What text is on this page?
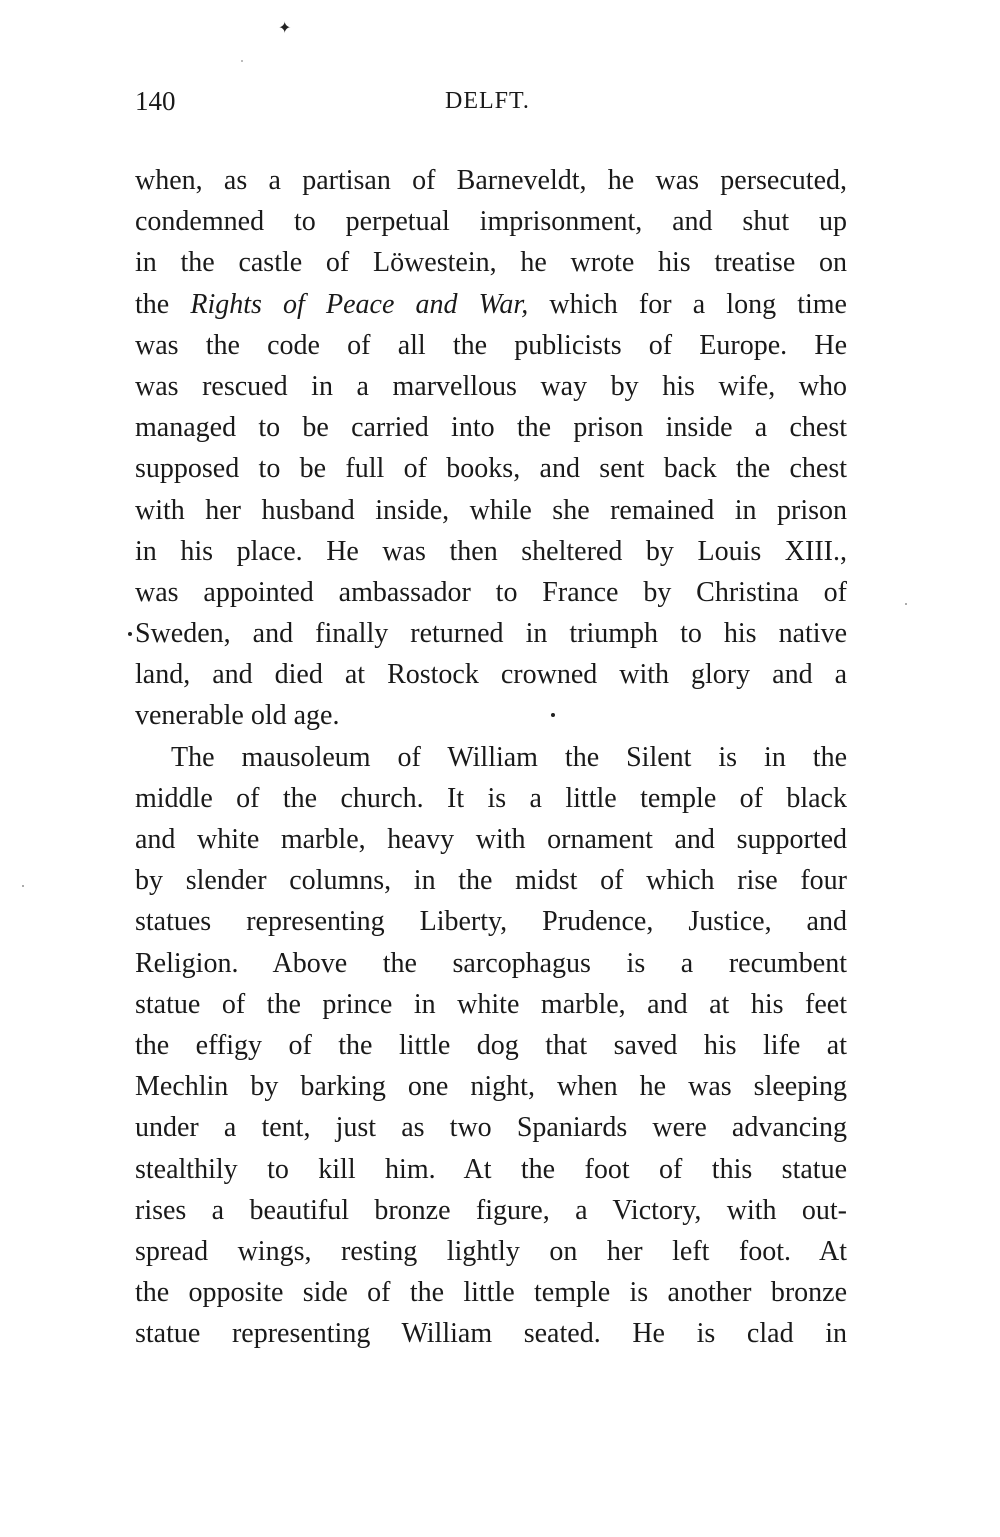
✦
140	DELFT.
when, as a partisan of Barneveldt, he was persecuted,
condemned to perpetual imprisonment, and shut up
in the castle of Löwestein, he wrote his treatise on
the Rights of Peace and War, which for a long time
was the code of all the publicists of Europe. He
was rescued in a marvellous way by his wife, who
managed to be carried into the prison inside a chest
supposed to be full of books, and sent back the chest
with her husband inside, while she remained in prison
in his place. He was then sheltered by Louis XIII.,
was appointed ambassador to France by Christina of
Sweden, and finally returned in triumph to his native
land, and died at Rostock crowned with glory and a
venerable old age.
The mausoleum of William the Silent is in the
middle of the church. It is a little temple of black
and white marble, heavy with ornament and supported
by slender columns, in the midst of which rise four
statues representing Liberty, Prudence, Justice, and
Religion. Above the sarcophagus is a recumbent
statue of the prince in white marble, and at his feet
the effigy of the little dog that saved his life at
Mechlin by barking one night, when he was sleeping
under a tent, just as two Spaniards were advancing
stealthily to kill him. At the foot of this statue
rises a beautiful bronze figure, a Victory, with out-
spread wings, resting lightly on her left foot. At
the opposite side of the little temple is another bronze
statue representing William seated. He is clad in
